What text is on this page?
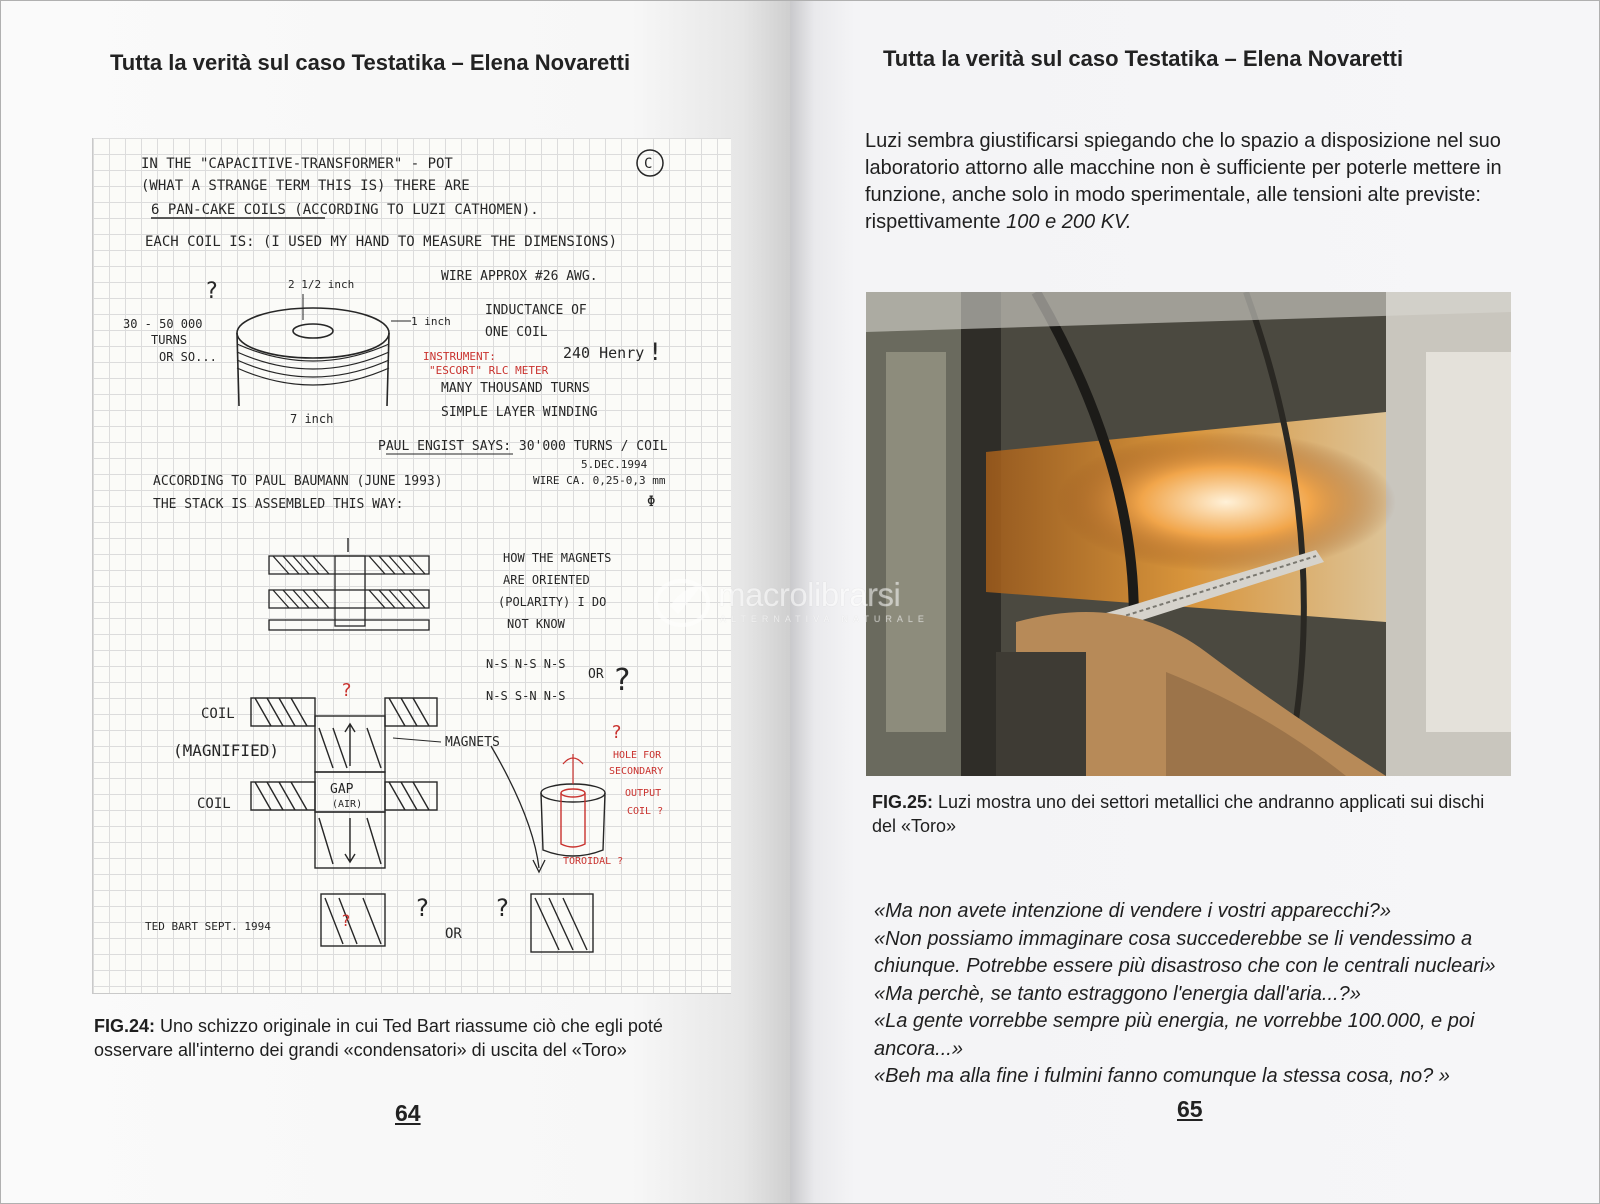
Tutta la verità sul caso Testatika – Elena Novaretti
IN THE "CAPACITIVE-TRANSFORMER" - POT
(WHAT A STRANGE TERM THIS IS) THERE ARE
6 PAN-CAKE COILS (ACCORDING TO LUZI CATHOMEN).
EACH COIL IS: (I USED MY HAND TO MEASURE THE DIMENSIONS)
C
2 1/2 inch
1 inch
7 inch
30 - 50 000
TURNS
OR SO...
?
WIRE APPROX #26 AWG.
INDUCTANCE OF
ONE COIL
INSTRUMENT:
"ESCORT" RLC METER
240 Henry !
MANY THOUSAND TURNS
SIMPLE LAYER WINDING
PAUL ENGIST SAYS: 30'000 TURNS / COIL
5.DEC.1994
ACCORDING TO PAUL BAUMANN (JUNE 1993)
THE STACK IS ASSEMBLED THIS WAY:
WIRE CA. 0,25-0,3 mm
Φ
HOW THE MAGNETS
ARE ORIENTED
(POLARITY) I DO
NOT KNOW
N-S N-S N-S
N-S S-N N-S
OR ?
COIL
(MAGNIFIED)
COIL
?
GAP
(AIR)
MAGNETS	?
HOLE FOR
SECONDARY
OUTPUT
COIL ?
TOROIDAL ?
?	?	?
OR
TED BART SEPT. 1994
FIG.24: Uno schizzo originale in cui Ted Bart riassume ciò che egli poté osservare all'interno dei grandi «condensatori» di uscita del «Toro»
64
Tutta la verità sul caso Testatika – Elena Novaretti
Luzi sembra giustificarsi spiegando che lo spazio a disposizione nel suo laboratorio attorno alle macchine non è sufficiente per poterle mettere in funzione, anche solo in modo sperimentale, alle tensioni alte previste: rispettivamente 100 e 200 KV.
FIG.25: Luzi mostra uno dei settori metallici che andranno applicati sui dischi del «Toro»

«Ma non avete intenzione di vendere i vostri apparecchi?»

«Non possiamo immaginare cosa succederebbe se li vendessimo a chiunque. Potrebbe essere più disastroso che con le centrali nucleari»

«Ma perchè, se tanto estraggono l'energia dall'aria...?»

«La gente vorrebbe sempre più energia, ne vorrebbe 100.000, e poi ancora...»

«Beh ma alla fine i fulmini fanno comunque la stessa cosa, no? »

65
macrolibrarsi
ALTERNATIVA NATURALE
